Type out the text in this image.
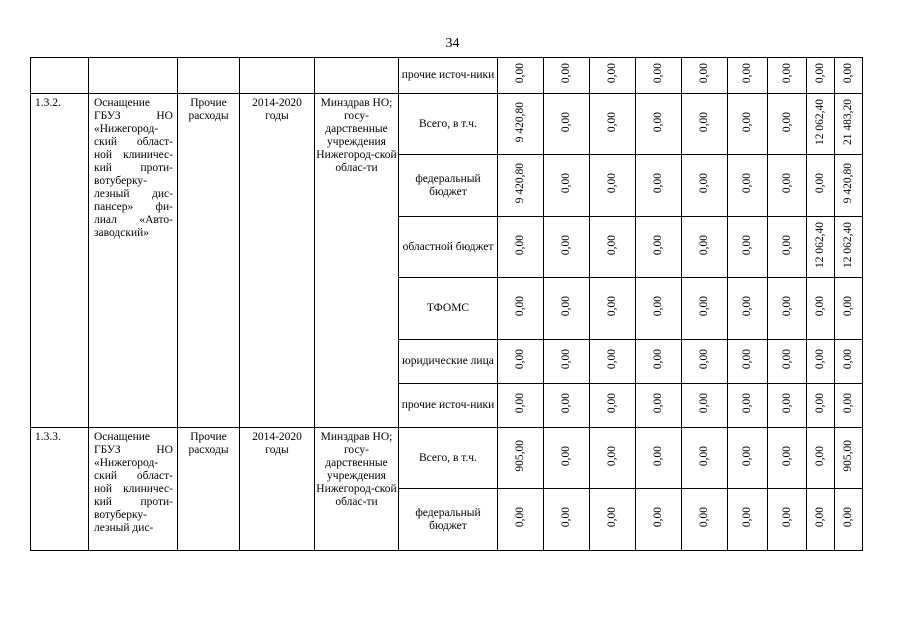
34
					прочие источ-ники	0,00	0,00	0,00	0,00	0,00	0,00	0,00	0,00	0,00
1.3.2.	Оснащение ГБУЗ НО «Нижегород-ский област-ной клиничес-кий проти-вотуберку-лезный дис-пансер» фи-лиал «Авто-заводский»	Прочие расходы	2014-2020 годы	Минздрав НО; госу-дарственные учреждения Нижегород-ской облас-ти	Всего, в т.ч.	9 420,80	0,00	0,00	0,00	0,00	0,00	0,00	12 062,40	21 483,20
					федеральный бюджет	9 420,80	0,00	0,00	0,00	0,00	0,00	0,00	0,00	9 420,80
					областной бюджет	0,00	0,00	0,00	0,00	0,00	0,00	0,00	12 062,40	12 062,40
					ТФОМС	0,00	0,00	0,00	0,00	0,00	0,00	0,00	0,00	0,00
					юридические лица	0,00	0,00	0,00	0,00	0,00	0,00	0,00	0,00	0,00
					прочие источ-ники	0,00	0,00	0,00	0,00	0,00	0,00	0,00	0,00	0,00
1.3.3.	Оснащение ГБУЗ НО «Нижегород-ский област-ной клиничес-кий проти-вотуберку-лезный дис-	Прочие расходы	2014-2020 годы	Минздрав НО; госу-дарственные учреждения Нижегород-ской облас-ти	Всего, в т.ч.	905,00	0,00	0,00	0,00	0,00	0,00	0,00	0,00	905,00
					федеральный бюджет	0,00	0,00	0,00	0,00	0,00	0,00	0,00	0,00	0,00
